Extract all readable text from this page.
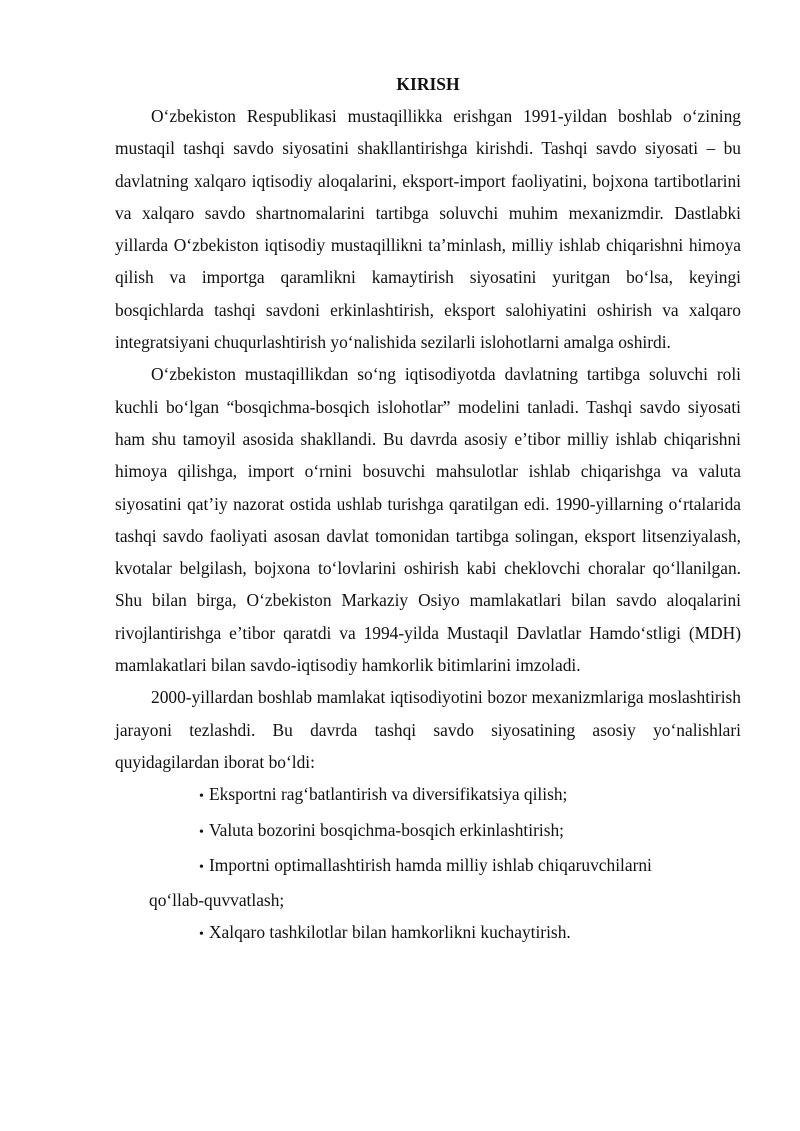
KIRISH

O‘zbekiston Respublikasi mustaqillikka erishgan 1991-yildan boshlab o‘zining mustaqil tashqi savdo siyosatini shakllantirishga kirishdi. Tashqi savdo siyosati – bu davlatning xalqaro iqtisodiy aloqalarini, eksport-import faoliyatini, bojxona tartibotlarini va xalqaro savdo shartnomalarini tartibga soluvchi muhim mexanizmdir. Dastlabki yillarda O‘zbekiston iqtisodiy mustaqillikni ta’minlash, milliy ishlab chiqarishni himoya qilish va importga qaramlikni kamaytirish siyosatini yuritgan bo‘lsa, keyingi bosqichlarda tashqi savdoni erkinlashtirish, eksport salohiyatini oshirish va xalqaro integratsiyani chuqurlashtirish yo‘nalishida sezilarli islohotlarni amalga oshirdi.

O‘zbekiston mustaqillikdan so‘ng iqtisodiyotda davlatning tartibga soluvchi roli kuchli bo‘lgan “bosqichma-bosqich islohotlar” modelini tanladi. Tashqi savdo siyosati ham shu tamoyil asosida shakllandi. Bu davrda asosiy e’tibor milliy ishlab chiqarishni himoya qilishga, import o‘rnini bosuvchi mahsulotlar ishlab chiqarishga va valuta siyosatini qat’iy nazorat ostida ushlab turishga qaratilgan edi. 1990-yillarning o‘rtalarida tashqi savdo faoliyati asosan davlat tomonidan tartibga solingan, eksport litsenziyalash, kvotalar belgilash, bojxona to‘lovlarini oshirish kabi cheklovchi choralar qo‘llanilgan. Shu bilan birga, O‘zbekiston Markaziy Osiyo mamlakatlari bilan savdo aloqalarini rivojlantirishga e’tibor qaratdi va 1994-yilda Mustaqil Davlatlar Hamdo‘stligi (MDH) mamlakatlari bilan savdo-iqtisodiy hamkorlik bitimlarini imzoladi.

2000-yillardan boshlab mamlakat iqtisodiyotini bozor mexanizmlariga moslashtirish jarayoni tezlashdi. Bu davrda tashqi savdo siyosatining asosiy yo‘nalishlari quyidagilardan iborat bo‘ldi:

• Eksportni rag‘batlantirish va diversifikatsiya qilish;
• Valuta bozorini bosqichma-bosqich erkinlashtirish;
• Importni optimallashtirish hamda milliy ishlab chiqaruvchilarni
qo‘llab-quvvatlash;
• Xalqaro tashkilotlar bilan hamkorlikni kuchaytirish.
